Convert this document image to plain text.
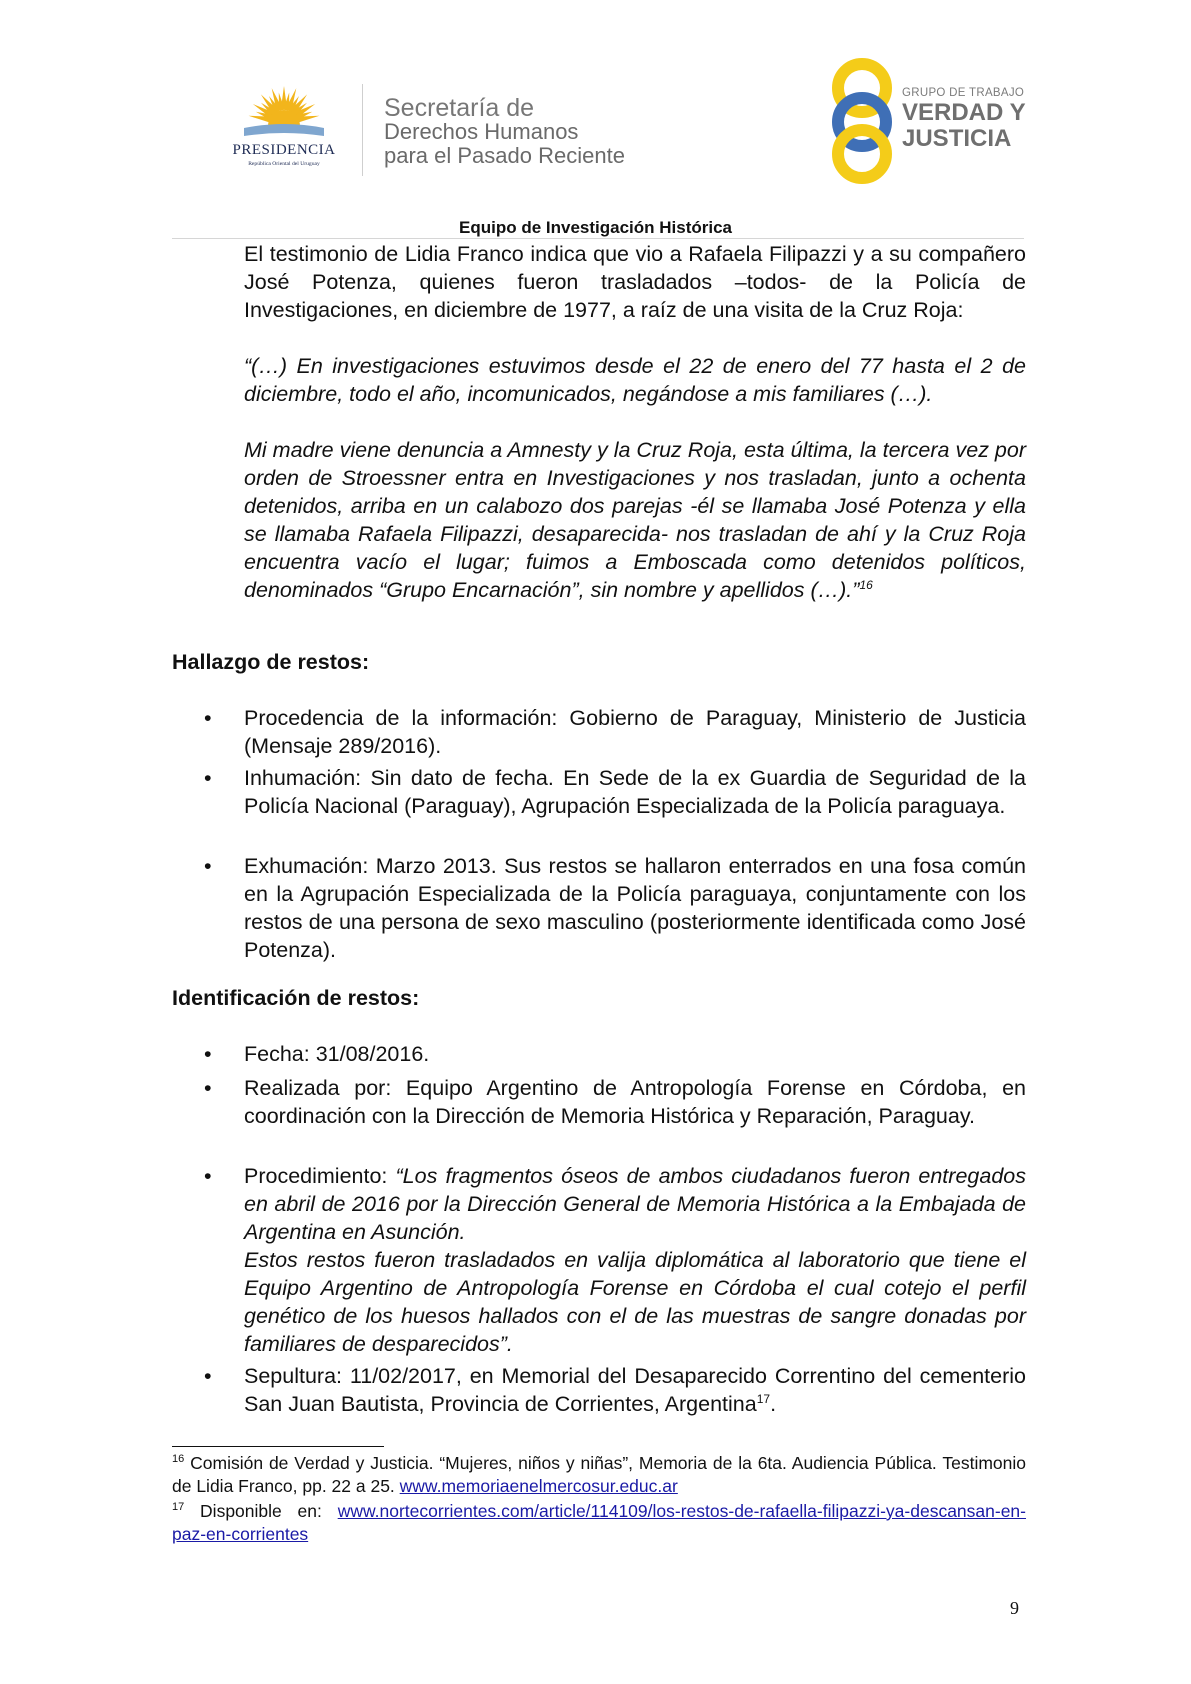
PRESIDENCIA
República Oriental del Uruguay
Secretaría de
Derechos Humanos
para el Pasado Reciente
GRUPO DE TRABAJO
VERDAD Y
JUSTICIA
Equipo de Investigación Histórica

El testimonio de Lidia Franco indica que vio a Rafaela Filipazzi y a su compañero José Potenza, quienes fueron trasladados –todos- de la Policía de Investigaciones, en diciembre de 1977, a raíz de una visita de la Cruz Roja:

“(…) En investigaciones estuvimos desde el 22 de enero del 77 hasta el 2 de diciembre, todo el año, incomunicados, negándose a mis familiares (…).

Mi madre viene denuncia a Amnesty y la Cruz Roja, esta última, la tercera vez por orden de Stroessner entra en Investigaciones y nos trasladan, junto a ochenta detenidos, arriba en un calabozo dos parejas -él se llamaba José Potenza y ella se llamaba Rafaela Filipazzi, desaparecida- nos trasladan de ahí y la Cruz Roja encuentra vacío el lugar; fuimos a Emboscada como detenidos políticos, denominados “Grupo Encarnación”, sin nombre y apellidos (…).”$^{16}$

Hallazgo de restos:
• Procedencia de la información: Gobierno de Paraguay, Ministerio de Justicia (Mensaje 289/2016).

• Inhumación: Sin dato de fecha. En Sede de la ex Guardia de Seguridad de la Policía Nacional (Paraguay), Agrupación Especializada de la Policía paraguaya.

• Exhumación: Marzo 2013. Sus restos se hallaron enterrados en una fosa común en la Agrupación Especializada de la Policía paraguaya, conjuntamente con los restos de una persona de sexo masculino (posteriormente identificada como José Potenza).

Identificación de restos:
• Fecha: 31/08/2016.

• Realizada por: Equipo Argentino de Antropología Forense en Córdoba, en coordinación con la Dirección de Memoria Histórica y Reparación, Paraguay.

• Procedimiento: “Los fragmentos óseos de ambos ciudadanos fueron entregados en abril de 2016 por la Dirección General de Memoria Histórica a la Embajada de Argentina en Asunción.

Estos restos fueron trasladados en valija diplomática al laboratorio que tiene el Equipo Argentino de Antropología Forense en Córdoba el cual cotejo el perfil genético de los huesos hallados con el de las muestras de sangre donadas por familiares de desparecidos”.

• Sepultura: 11/02/2017, en Memorial del Desaparecido Correntino del cementerio San Juan Bautista, Provincia de Corrientes, Argentina$^{17}$.

$^{16}$ Comisión de Verdad y Justicia. “Mujeres, niños y niñas”, Memoria de la 6ta. Audiencia Pública. Testimonio de Lidia Franco, pp. 22 a 25. www.memoriaenelmercosur.educ.ar

$^{17}$ Disponible en: www.nortecorrientes.com/article/114109/los-restos-de-rafaella-filipazzi-ya-descansan-en-paz-en-corrientes

9
